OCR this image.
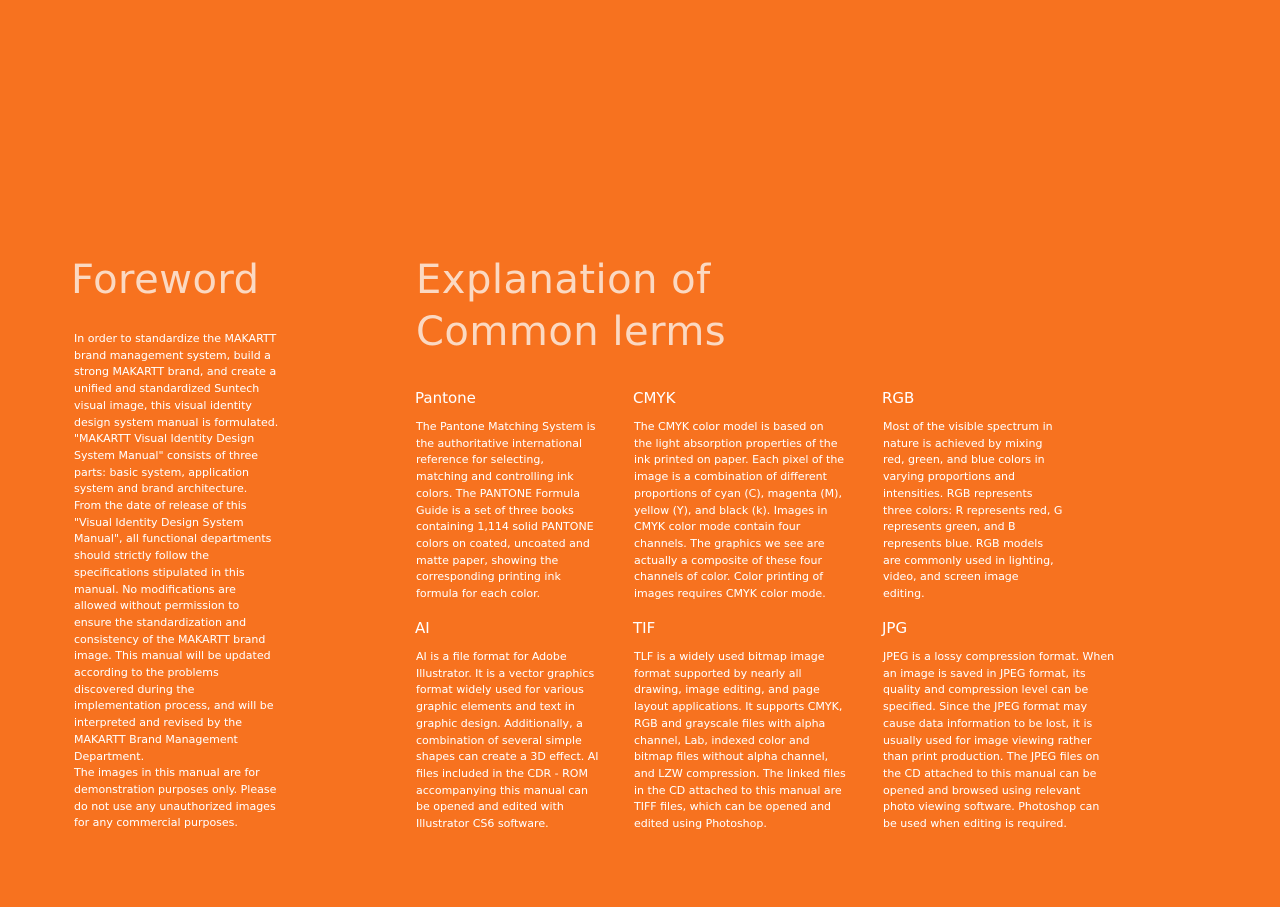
Foreword

In order to standardize the MAKARTT
brand management system, build a
strong MAKARTT brand, and create a
unified and standardized Suntech
visual image, this visual identity
design system manual is formulated.
"MAKARTT Visual Identity Design
System Manual" consists of three
parts: basic system, application
system and brand architecture.
From the date of release of this
"Visual Identity Design System
Manual", all functional departments
should strictly follow the
specifications stipulated in this
manual. No modifications are
allowed without permission to
ensure the standardization and
consistency of the MAKARTT brand
image. This manual will be updated
according to the problems
discovered during the
implementation process, and will be
interpreted and revised by the
MAKARTT Brand Management
Department.
The images in this manual are for
demonstration purposes only. Please
do not use any unauthorized images
for any commercial purposes.

Explanation of
Common lerms
Pantone

The Pantone Matching System is
the authoritative international
reference for selecting,
matching and controlling ink
colors. The PANTONE Formula
Guide is a set of three books
containing 1,114 solid PANTONE
colors on coated, uncoated and
matte paper, showing the
corresponding printing ink
formula for each color.

CMYK

The CMYK color model is based on
the light absorption properties of the
ink printed on paper. Each pixel of the
image is a combination of different
proportions of cyan (C), magenta (M),
yellow (Y), and black (k). Images in
CMYK color mode contain four
channels. The graphics we see are
actually a composite of these four
channels of color. Color printing of
images requires CMYK color mode.

RGB

Most of the visible spectrum in
nature is achieved by mixing
red, green, and blue colors in
varying proportions and
intensities. RGB represents
three colors: R represents red, G
represents green, and B
represents blue. RGB models
are commonly used in lighting,
video, and screen image
editing.

AI

AI is a file format for Adobe
Illustrator. It is a vector graphics
format widely used for various
graphic elements and text in
graphic design. Additionally, a
combination of several simple
shapes can create a 3D effect. AI
files included in the CDR - ROM
accompanying this manual can
be opened and edited with
Illustrator CS6 software.

TIF

TLF is a widely used bitmap image
format supported by nearly all
drawing, image editing, and page
layout applications. It supports CMYK,
RGB and grayscale files with alpha
channel, Lab, indexed color and
bitmap files without alpha channel,
and LZW compression. The linked files
in the CD attached to this manual are
TIFF files, which can be opened and
edited using Photoshop.

JPG

JPEG is a lossy compression format. When
an image is saved in JPEG format, its
quality and compression level can be
specified. Since the JPEG format may
cause data information to be lost, it is
usually used for image viewing rather
than print production. The JPEG files on
the CD attached to this manual can be
opened and browsed using relevant
photo viewing software. Photoshop can
be used when editing is required.
